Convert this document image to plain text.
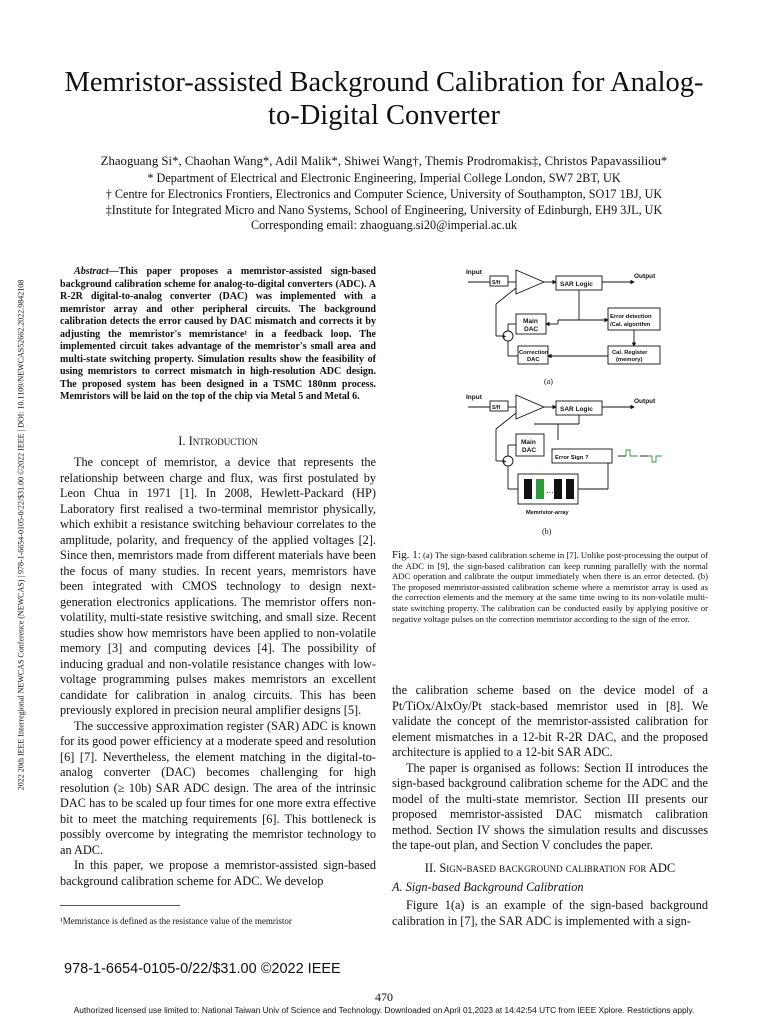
2022 20th IEEE Interregional NEWCAS Conference (NEWCAS) | 978-1-6654-0105-0/22/$31.00 ©2022 IEEE | DOI: 10.1109/NEWCAS52662.2022.9842108
Memristor-assisted Background Calibration for Analog-to-Digital Converter
Zhaoguang Si*, Chaohan Wang*, Adil Malik*, Shiwei Wang†, Themis Prodromakis‡, Christos Papavassiliou*
* Department of Electrical and Electronic Engineering, Imperial College London, SW7 2BT, UK
† Centre for Electronics Frontiers, Electronics and Computer Science, University of Southampton, SO17 1BJ, UK
‡Institute for Integrated Micro and Nano Systems, School of Engineering, University of Edinburgh, EH9 3JL, UK
Corresponding email: zhaoguang.si20@imperial.ac.uk
Abstract—This paper proposes a memristor-assisted sign-based background calibration scheme for analog-to-digital converters (ADC). A R-2R digital-to-analog converter (DAC) was implemented with a memristor array and other peripheral circuits. The background calibration detects the error caused by DAC mismatch and corrects it by adjusting the memristor's memristance¹ in a feedback loop. The implemented circuit takes advantage of the memristor's small area and multi-state switching property. Simulation results show the feasibility of using memristors to correct mismatch in high-resolution ADC design. The proposed system has been designed in a TSMC 180nm process. Memristors will be laid on the top of the chip via Metal 5 and Metal 6.
I. Introduction

The concept of memristor, a device that represents the relationship between charge and flux, was first postulated by Leon Chua in 1971 [1]. In 2008, Hewlett-Packard (HP) Laboratory first realised a two-terminal memristor physically, which exhibit a resistance switching behaviour correlates to the amplitude, polarity, and frequency of the applied voltages [2]. Since then, memristors made from different materials have been the focus of many studies. In recent years, memristors have been integrated with CMOS technology to design next-generation electronics applications. The memristor offers non-volatility, multi-state resistive switching, and small size. Recent studies show how memristors have been applied to non-volatile memory [3] and computing devices [4]. The possibility of inducing gradual and non-volatile resistance changes with low-voltage programming pulses makes memristors an excellent candidate for calibration in analog circuits. This has been previously explored in precision neural amplifier designs [5].

The successive approximation register (SAR) ADC is known for its good power efficiency at a moderate speed and resolution [6] [7]. Nevertheless, the element matching in the digital-to-analog converter (DAC) becomes challenging for high resolution (≥ 10b) SAR ADC design. The area of the intrinsic DAC has to be scaled up four times for one more extra effective bit to meet the matching requirements [6]. This bottleneck is possibly overcome by integrating the memristor technology to an ADC.

In this paper, we propose a memristor-assisted sign-based background calibration scheme for ADC. We develop

¹Memristance is defined as the resistance value of the memristor
…
Input
Output
S/H	SAR Logic
Main
DAC
Error detection
/Cal. algorithm
Cal. Register
(memory)
Correction
DAC
+
Input
Output
S/H	SAR Logic
Main
DAC
Error Sign ?
+
Memristor-array
(a)
(b)
Fig. 1: (a) The sign-based calibration scheme in [7]. Unlike post-processing the output of the ADC in [9], the sign-based calibration can keep running parallelly with the normal ADC operation and calibrate the output immediately when there is an error detected. (b) The proposed memristor-assisted calibration scheme where a memristor array is used as the correction elements and the memory at the same time owing to its non-volatile multi-state switching property. The calibration can be conducted easily by applying positive or negative voltage pulses on the correction memristor according to the sign of the error.

the calibration scheme based on the device model of a Pt/TiOx/AlxOy/Pt stack-based memristor used in [8]. We validate the concept of the memristor-assisted calibration for element mismatches in a 12-bit R-2R DAC, and the proposed architecture is applied to a 12-bit SAR ADC.

The paper is organised as follows: Section II introduces the sign-based background calibration scheme for the ADC and the model of the multi-state memristor. Section III presents our proposed memristor-assisted DAC mismatch calibration method. Section IV shows the simulation results and discusses the tape-out plan, and Section V concludes the paper.

II. Sign-based background calibration for ADC
A. Sign-based Background Calibration

Figure 1(a) is an example of the sign-based background calibration in [7], the SAR ADC is implemented with a sign-

978-1-6654-0105-0/22/$31.00 ©2022 IEEE
470
Authorized licensed use limited to: National Taiwan Univ of Science and Technology. Downloaded on April 01,2023 at 14:42:54 UTC from IEEE Xplore. Restrictions apply.
